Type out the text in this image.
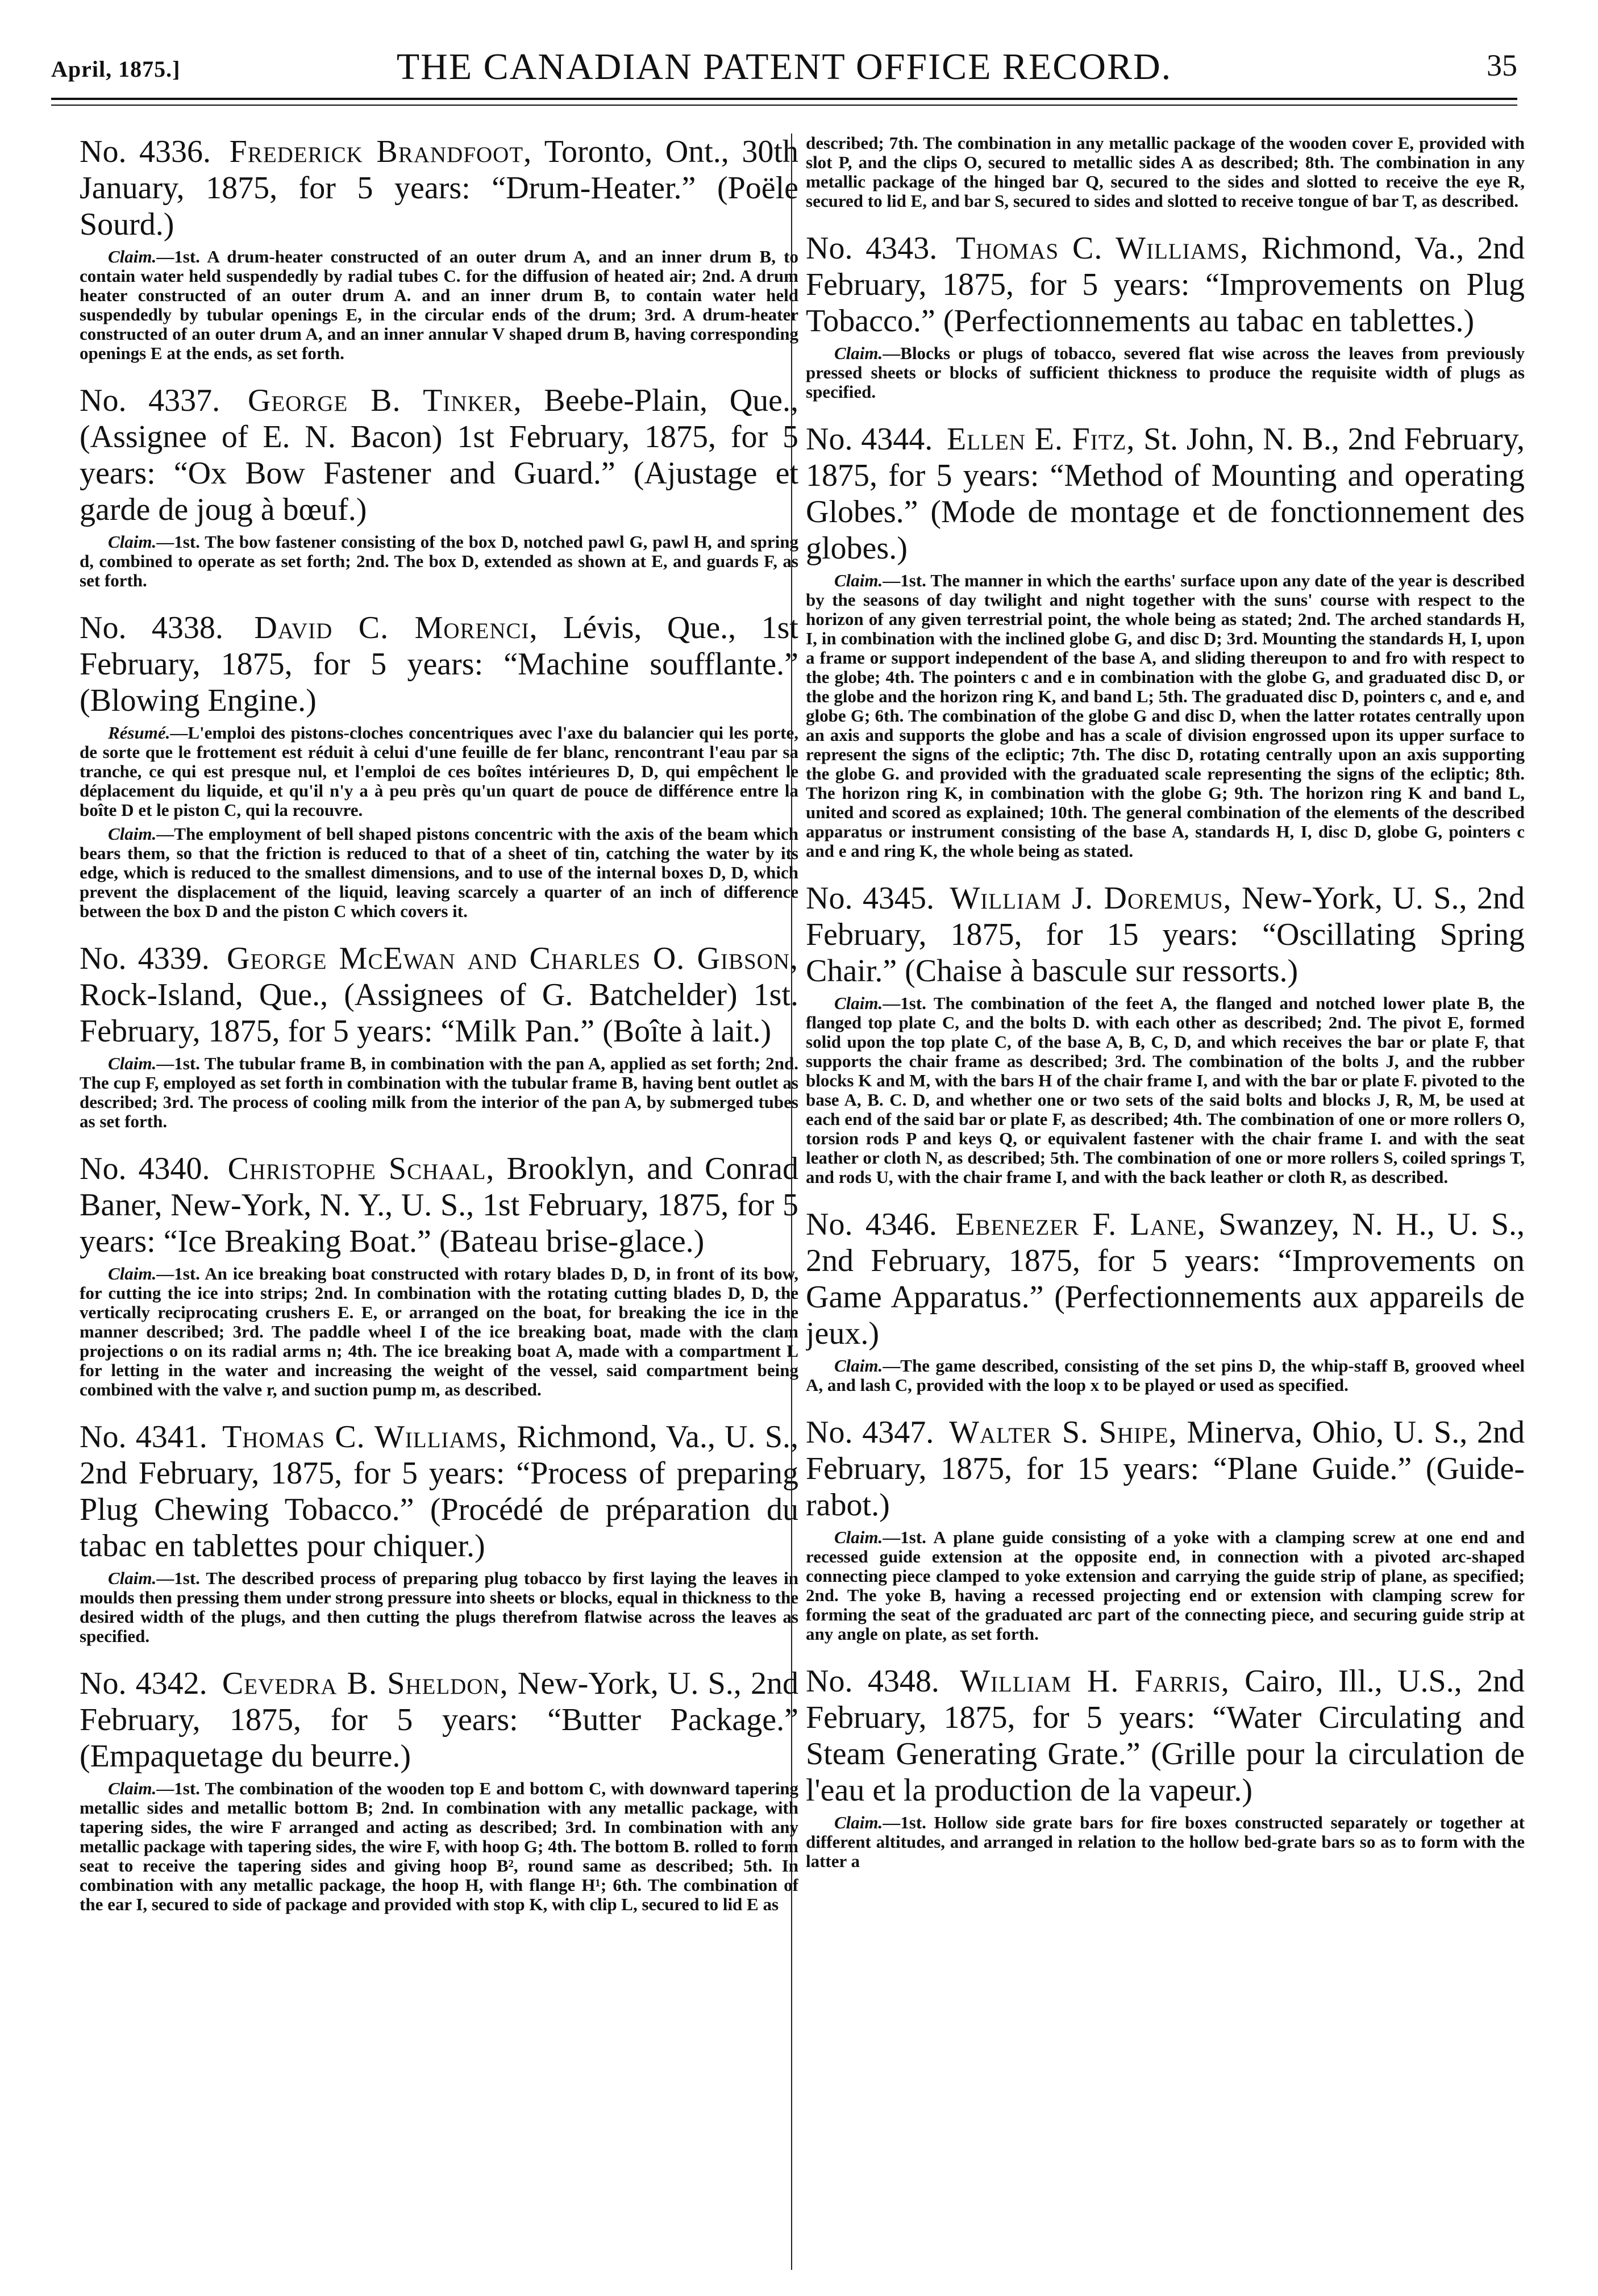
April, 1875.]	THE CANADIAN PATENT OFFICE RECORD.	35
No. 4336. Frederick Brandfoot, Toronto, Ont., 30th January, 1875, for 5 years: “Drum-Heater.” (Poële Sourd.)
Claim.—1st. A drum-heater constructed of an outer drum A, and an inner drum B, to contain water held suspendedly by radial tubes C. for the diffusion of heated air; 2nd. A drum heater constructed of an outer drum A. and an inner drum B, to contain water held suspendedly by tubular openings E, in the circular ends of the drum; 3rd. A drum-heater constructed of an outer drum A, and an inner annular V shaped drum B, having corresponding openings E at the ends, as set forth.
No. 4337. George B. Tinker, Beebe-Plain, Que., (Assignee of E. N. Bacon) 1st February, 1875, for 5 years: “Ox Bow Fastener and Guard.” (Ajustage et garde de joug à bœuf.)
Claim.—1st. The bow fastener consisting of the box D, notched pawl G, pawl H, and spring d, combined to operate as set forth; 2nd. The box D, extended as shown at E, and guards F, as set forth.
No. 4338. David C. Morenci, Lévis, Que., 1st February, 1875, for 5 years: “Machine soufflante.” (Blowing Engine.)
Résumé.—L'emploi des pistons-cloches concentriques avec l'axe du balancier qui les porte, de sorte que le frottement est réduit à celui d'une feuille de fer blanc, rencontrant l'eau par sa tranche, ce qui est presque nul, et l'emploi de ces boîtes intérieures D, D, qui empêchent le déplacement du liquide, et qu'il n'y a à peu près qu'un quart de pouce de différence entre la boîte D et le piston C, qui la recouvre.
Claim.—The employment of bell shaped pistons concentric with the axis of the beam which bears them, so that the friction is reduced to that of a sheet of tin, catching the water by its edge, which is reduced to the smallest dimensions, and to use of the internal boxes D, D, which prevent the displacement of the liquid, leaving scarcely a quarter of an inch of difference between the box D and the piston C which covers it.
No. 4339. George McEwan and Charles O. Gibson, Rock-Island, Que., (Assignees of G. Batchelder) 1st. February, 1875, for 5 years: “Milk Pan.” (Boîte à lait.)
Claim.—1st. The tubular frame B, in combination with the pan A, applied as set forth; 2nd. The cup F, employed as set forth in combination with the tubular frame B, having bent outlet as described; 3rd. The process of cooling milk from the interior of the pan A, by submerged tubes as set forth.
No. 4340. Christophe Schaal, Brooklyn, and Conrad Baner, New-York, N. Y., U. S., 1st February, 1875, for 5 years: “Ice Breaking Boat.” (Bateau brise-glace.)
Claim.—1st. An ice breaking boat constructed with rotary blades D, D, in front of its bow, for cutting the ice into strips; 2nd. In combination with the rotating cutting blades D, D, the vertically reciprocating crushers E. E, or arranged on the boat, for breaking the ice in the manner described; 3rd. The paddle wheel I of the ice breaking boat, made with the clam projections o on its radial arms n; 4th. The ice breaking boat A, made with a compartment L for letting in the water and increasing the weight of the vessel, said compartment being combined with the valve r, and suction pump m, as described.
No. 4341. Thomas C. Williams, Richmond, Va., U. S., 2nd February, 1875, for 5 years: “Process of preparing Plug Chewing Tobacco.” (Procédé de préparation du tabac en tablettes pour chiquer.)
Claim.—1st. The described process of preparing plug tobacco by first laying the leaves in moulds then pressing them under strong pressure into sheets or blocks, equal in thickness to the desired width of the plugs, and then cutting the plugs therefrom flatwise across the leaves as specified.
No. 4342. Cevedra B. Sheldon, New-York, U. S., 2nd February, 1875, for 5 years: “Butter Package.” (Empaquetage du beurre.)
Claim.—1st. The combination of the wooden top E and bottom C, with downward tapering metallic sides and metallic bottom B; 2nd. In combination with any metallic package, with tapering sides, the wire F arranged and acting as described; 3rd. In combination with any metallic package with tapering sides, the wire F, with hoop G; 4th. The bottom B. rolled to form seat to receive the tapering sides and giving hoop B², round same as described; 5th. In combination with any metallic package, the hoop H, with flange H¹; 6th. The combination of the ear I, secured to side of package and provided with stop K, with clip L, secured to lid E as
described; 7th. The combination in any metallic package of the wooden cover E, provided with slot P, and the clips O, secured to metallic sides A as described; 8th. The combination in any metallic package of the hinged bar Q, secured to the sides and slotted to receive the eye R, secured to lid E, and bar S, secured to sides and slotted to receive tongue of bar T, as described.
No. 4343. Thomas C. Williams, Richmond, Va., 2nd February, 1875, for 5 years: “Improvements on Plug Tobacco.” (Perfectionnements au tabac en tablettes.)
Claim.—Blocks or plugs of tobacco, severed flat wise across the leaves from previously pressed sheets or blocks of sufficient thickness to produce the requisite width of plugs as specified.
No. 4344. Ellen E. Fitz, St. John, N. B., 2nd February, 1875, for 5 years: “Method of Mounting and operating Globes.” (Mode de montage et de fonctionnement des globes.)
Claim.—1st. The manner in which the earths' surface upon any date of the year is described by the seasons of day twilight and night together with the suns' course with respect to the horizon of any given terrestrial point, the whole being as stated; 2nd. The arched standards H, I, in combination with the inclined globe G, and disc D; 3rd. Mounting the standards H, I, upon a frame or support independent of the base A, and sliding thereupon to and fro with respect to the globe; 4th. The pointers c and e in combination with the globe G, and graduated disc D, or the globe and the horizon ring K, and band L; 5th. The graduated disc D, pointers c, and e, and globe G; 6th. The combination of the globe G and disc D, when the latter rotates centrally upon an axis and supports the globe and has a scale of division engrossed upon its upper surface to represent the signs of the ecliptic; 7th. The disc D, rotating centrally upon an axis supporting the globe G. and provided with the graduated scale representing the signs of the ecliptic; 8th. The horizon ring K, in combination with the globe G; 9th. The horizon ring K and band L, united and scored as explained; 10th. The general combination of the elements of the described apparatus or instrument consisting of the base A, standards H, I, disc D, globe G, pointers c and e and ring K, the whole being as stated.
No. 4345. William J. Doremus, New-York, U. S., 2nd February, 1875, for 15 years: “Oscillating Spring Chair.” (Chaise à bascule sur ressorts.)
Claim.—1st. The combination of the feet A, the flanged and notched lower plate B, the flanged top plate C, and the bolts D. with each other as described; 2nd. The pivot E, formed solid upon the top plate C, of the base A, B, C, D, and which receives the bar or plate F, that supports the chair frame as described; 3rd. The combination of the bolts J, and the rubber blocks K and M, with the bars H of the chair frame I, and with the bar or plate F. pivoted to the base A, B. C. D, and whether one or two sets of the said bolts and blocks J, R, M, be used at each end of the said bar or plate F, as described; 4th. The combination of one or more rollers O, torsion rods P and keys Q, or equivalent fastener with the chair frame I. and with the seat leather or cloth N, as described; 5th. The combination of one or more rollers S, coiled springs T, and rods U, with the chair frame I, and with the back leather or cloth R, as described.
No. 4346. Ebenezer F. Lane, Swanzey, N. H., U. S., 2nd February, 1875, for 5 years: “Improvements on Game Apparatus.” (Perfectionnements aux appareils de jeux.)
Claim.—The game described, consisting of the set pins D, the whip-staff B, grooved wheel A, and lash C, provided with the loop x to be played or used as specified.
No. 4347. Walter S. Shipe, Minerva, Ohio, U. S., 2nd February, 1875, for 15 years: “Plane Guide.” (Guide-rabot.)
Claim.—1st. A plane guide consisting of a yoke with a clamping screw at one end and recessed guide extension at the opposite end, in connection with a pivoted arc-shaped connecting piece clamped to yoke extension and carrying the guide strip of plane, as specified; 2nd. The yoke B, having a recessed projecting end or extension with clamping screw for forming the seat of the graduated arc part of the connecting piece, and securing guide strip at any angle on plate, as set forth.
No. 4348. William H. Farris, Cairo, Ill., U.S., 2nd February, 1875, for 5 years: “Water Circulating and Steam Generating Grate.” (Grille pour la circulation de l'eau et la production de la vapeur.)
Claim.—1st. Hollow side grate bars for fire boxes constructed separately or together at different altitudes, and arranged in relation to the hollow bed-grate bars so as to form with the latter a
